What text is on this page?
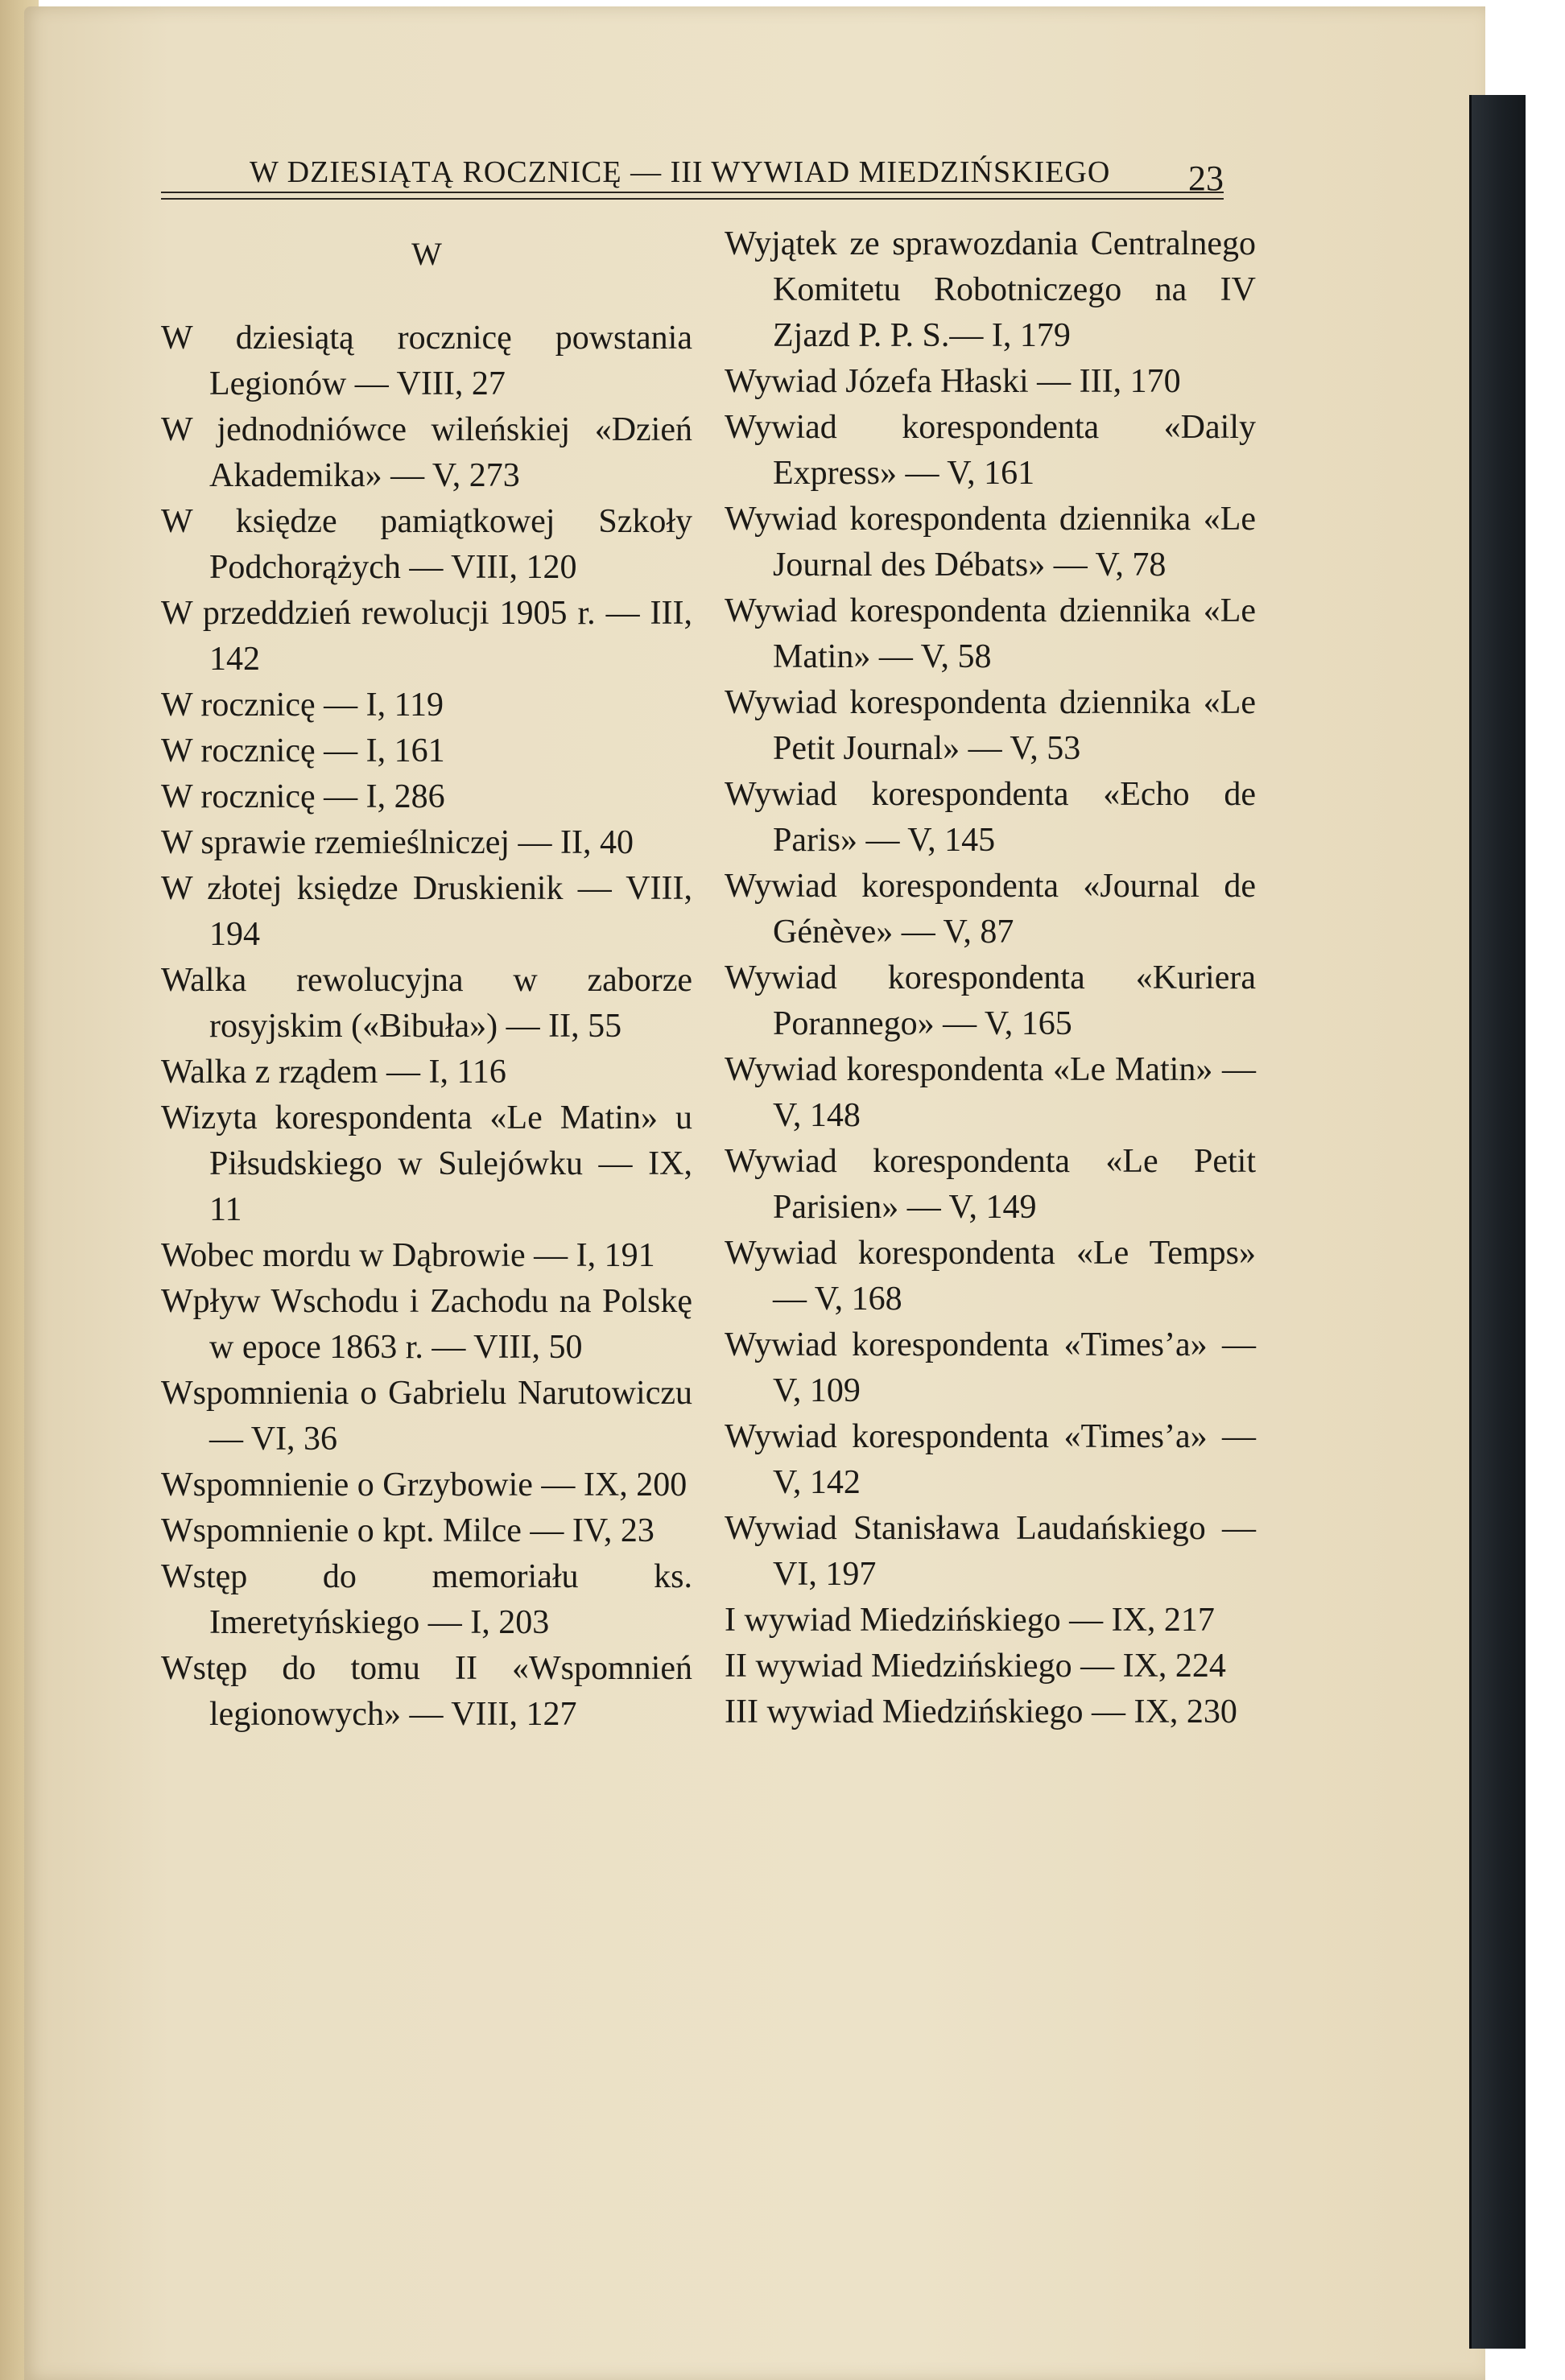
W DZIESIĄTĄ ROCZNICĘ — III WYWIAD MIEDZIŃSKIEGO 23
W
W dziesiątą rocznicę powstania Legionów — VIII, 27
W jednodniówce wileńskiej «Dzień Akademika» — V, 273
W księdze pamiątkowej Szkoły Podchorążych — VIII, 120
W przeddzień rewolucji 1905 r. — III, 142
W rocznicę — I, 119
W rocznicę — I, 161
W rocznicę — I, 286
W sprawie rzemieślniczej — II, 40
W złotej księdze Druskienik — VIII, 194
Walka rewolucyjna w zaborze rosyjskim («Bibuła») — II, 55
Walka z rządem — I, 116
Wizyta korespondenta «Le Matin» u Piłsudskiego w Sulejówku — IX, 11
Wobec mordu w Dąbrowie — I, 191
Wpływ Wschodu i Zachodu na Polskę w epoce 1863 r. — VIII, 50
Wspomnienia o Gabrielu Narutowiczu — VI, 36
Wspomnienie o Grzybowie — IX, 200
Wspomnienie o kpt. Milce — IV, 23
Wstęp do memoriału ks. Imeretyńskiego — I, 203
Wstęp do tomu II «Wspomnień legionowych» — VIII, 127
Wyjątek ze sprawozdania Centralnego Komitetu Robotniczego na IV Zjazd P. P. S.— I, 179
Wywiad Józefa Hłaski — III, 170
Wywiad korespondenta «Daily Express» — V, 161
Wywiad korespondenta dziennika «Le Journal des Débats» — V, 78
Wywiad korespondenta dziennika «Le Matin» — V, 58
Wywiad korespondenta dziennika «Le Petit Journal» — V, 53
Wywiad korespondenta «Echo de Paris» — V, 145
Wywiad korespondenta «Journal de Génève» — V, 87
Wywiad korespondenta «Kuriera Porannego» — V, 165
Wywiad korespondenta «Le Matin» — V, 148
Wywiad korespondenta «Le Petit Parisien» — V, 149
Wywiad korespondenta «Le Temps» — V, 168
Wywiad korespondenta «Times’a» — V, 109
Wywiad korespondenta «Times’a» — V, 142
Wywiad Stanisława Laudańskiego — VI, 197
I wywiad Miedzińskiego — IX, 217
II wywiad Miedzińskiego — IX, 224
III wywiad Miedzińskiego — IX, 230
